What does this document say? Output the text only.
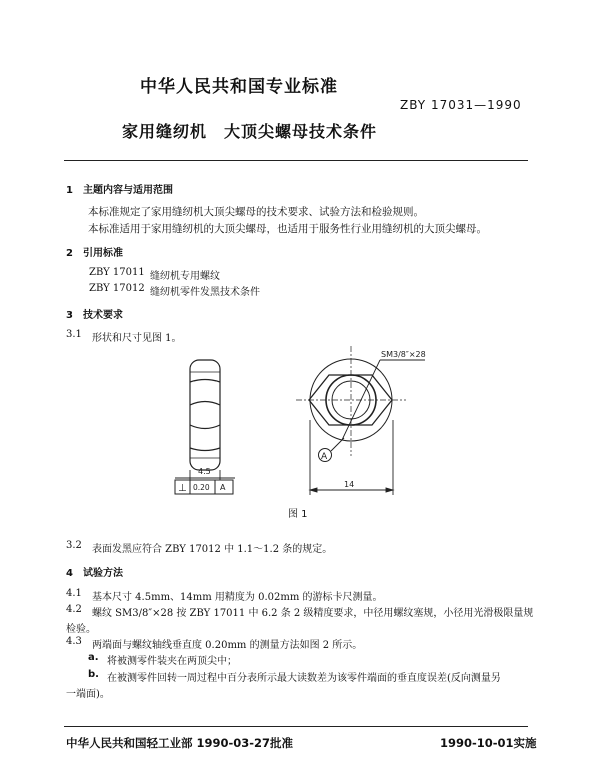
中华人民共和国专业标准
ZBY 17031—1990
家用缝纫机　大顶尖螺母技术条件
1　主题内容与适用范围
本标准规定了家用缝纫机大顶尖螺母的技术要求、试验方法和检验规则。
本标准适用于家用缝纫机的大顶尖螺母，也适用于服务性行业用缝纫机的大顶尖螺母。
2　引用标准
ZBY 17011 缝纫机专用螺纹
ZBY 17012 缝纫机零件发黑技术条件
3　技术要求
3.1 形状和尺寸见图 1。
4.5
⊥ 0.20 A
SM3/8″×28
A
14
图 1
3.2 表面发黑应符合 ZBY 17012 中 1.1～1.2 条的规定。
4　试验方法
4.1 基本尺寸 4.5mm、14mm 用精度为 0.02mm 的游标卡尺测量。
4.2 螺纹 SM3/8″×28 按 ZBY 17011 中 6.2 条 2 级精度要求，中径用螺纹塞规，小径用光滑极限量规
检验。
4.3 两端面与螺纹轴线垂直度 0.20mm 的测量方法如图 2 所示。
a. 将被测零件装夹在两顶尖中；
b. 在被测零件回转一周过程中百分表所示最大读数差为该零件端面的垂直度误差(反向测量另
一端面)。
中华人民共和国轻工业部 1990-03-27批准	1990-10-01实施
